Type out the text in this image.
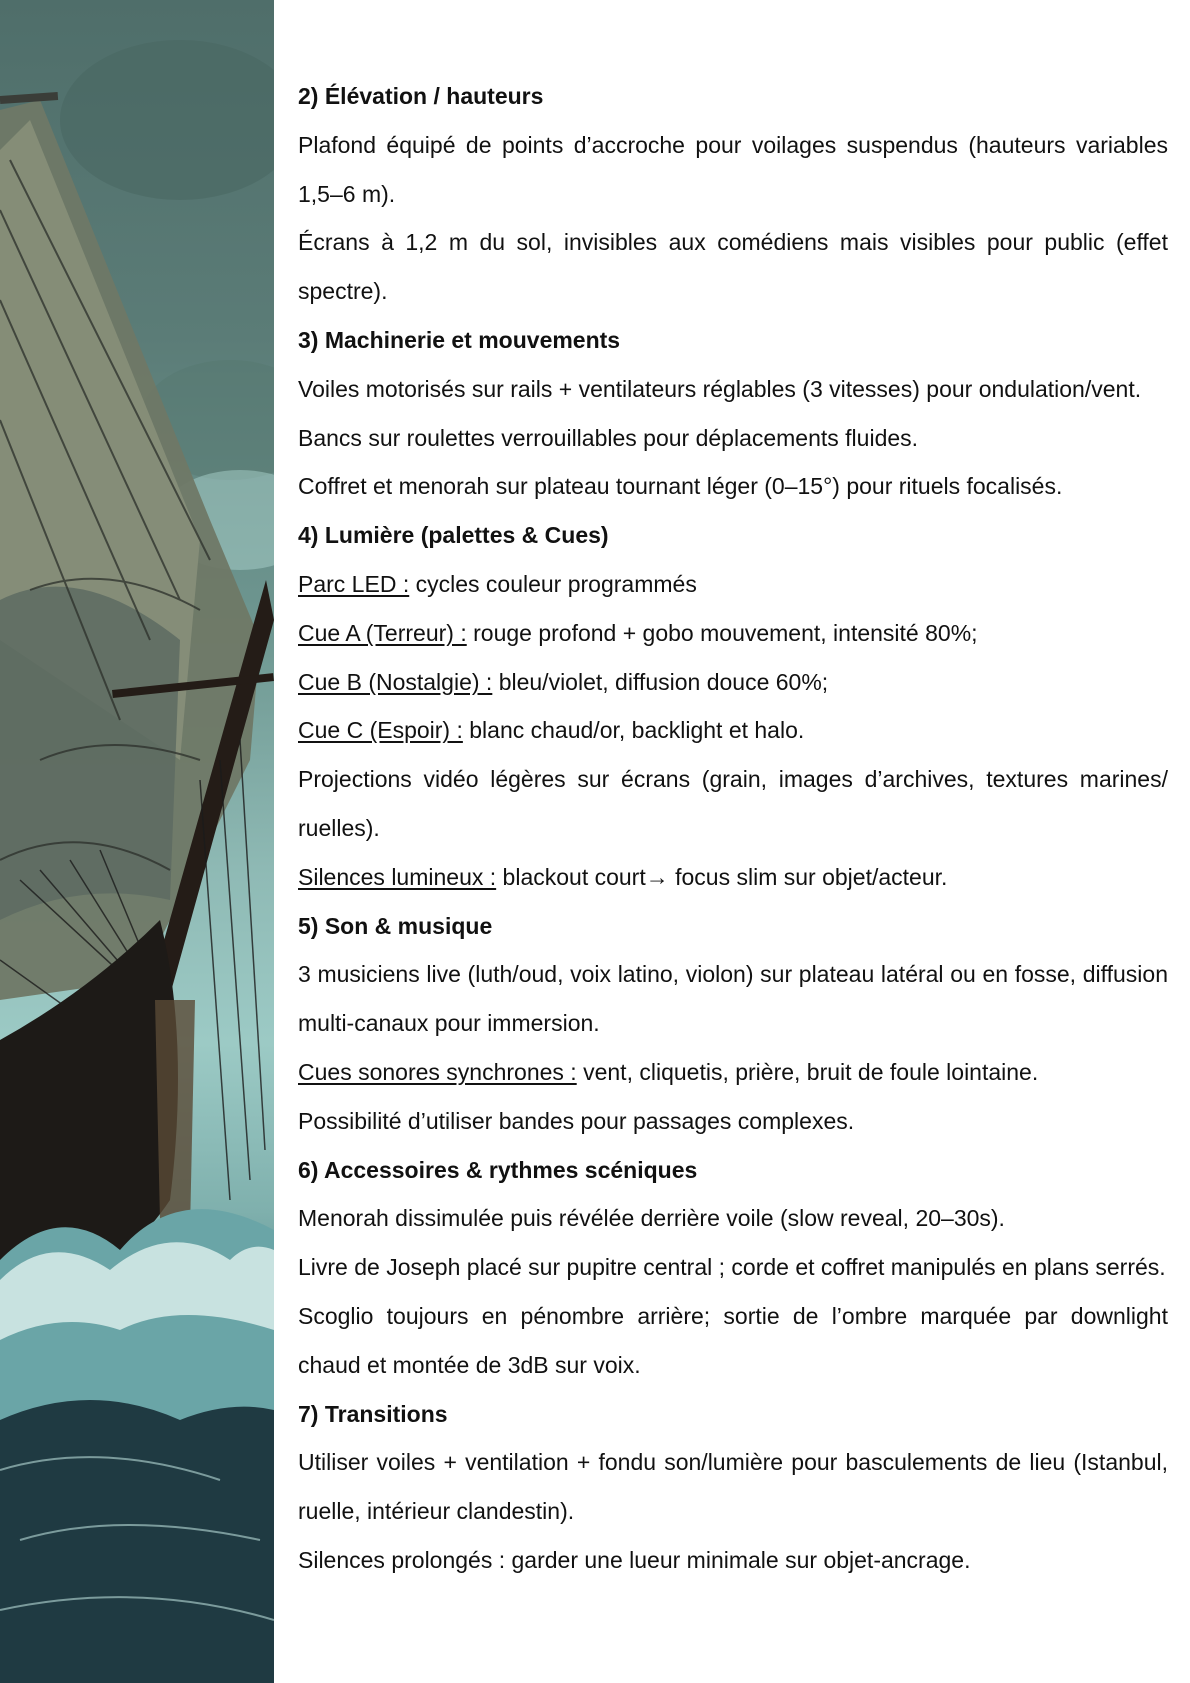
2) Élévation / hauteurs

Plafond équipé de points d’accroche pour voilages suspendus (hauteurs variables 1,5–6 m).

Écrans à 1,2 m du sol, invisibles aux comédiens mais visibles pour public (effet spectre).

3) Machinerie et mouvements

Voiles motorisés sur rails + ventilateurs réglables (3 vitesses) pour ondulation/vent.

Bancs sur roulettes verrouillables pour déplacements fluides.

Coffret et menorah sur plateau tournant léger (0–15°) pour rituels focalisés.

4) Lumière (palettes & Cues)

Parc LED : cycles couleur programmés

Cue A (Terreur) : rouge profond + gobo mouvement, intensité 80%;

Cue B (Nostalgie) : bleu/violet, diffusion douce 60%;

Cue C (Espoir) : blanc chaud/or, backlight et halo.

Projections vidéo légères sur écrans (grain, images d’archives, textures marines/ ruelles).

Silences lumineux : blackout court→ focus slim sur objet/acteur.

5) Son & musique

3 musiciens live (luth/oud, voix latino, violon) sur plateau latéral ou en fosse, diffusion multi-canaux pour immersion.

Cues sonores synchrones : vent, cliquetis, prière, bruit de foule lointaine.

Possibilité d’utiliser bandes pour passages complexes.

6) Accessoires & rythmes scéniques

Menorah dissimulée puis révélée derrière voile (slow reveal, 20–30s).

Livre de Joseph placé sur pupitre central ; corde et coffret manipulés en plans serrés.

Scoglio toujours en pénombre arrière; sortie de l’ombre marquée par downlight chaud et montée de 3dB sur voix.

7) Transitions

Utiliser voiles + ventilation + fondu son/lumière pour basculements de lieu (Istanbul, ruelle, intérieur clandestin).

Silences prolongés : garder une lueur minimale sur objet-ancrage.
